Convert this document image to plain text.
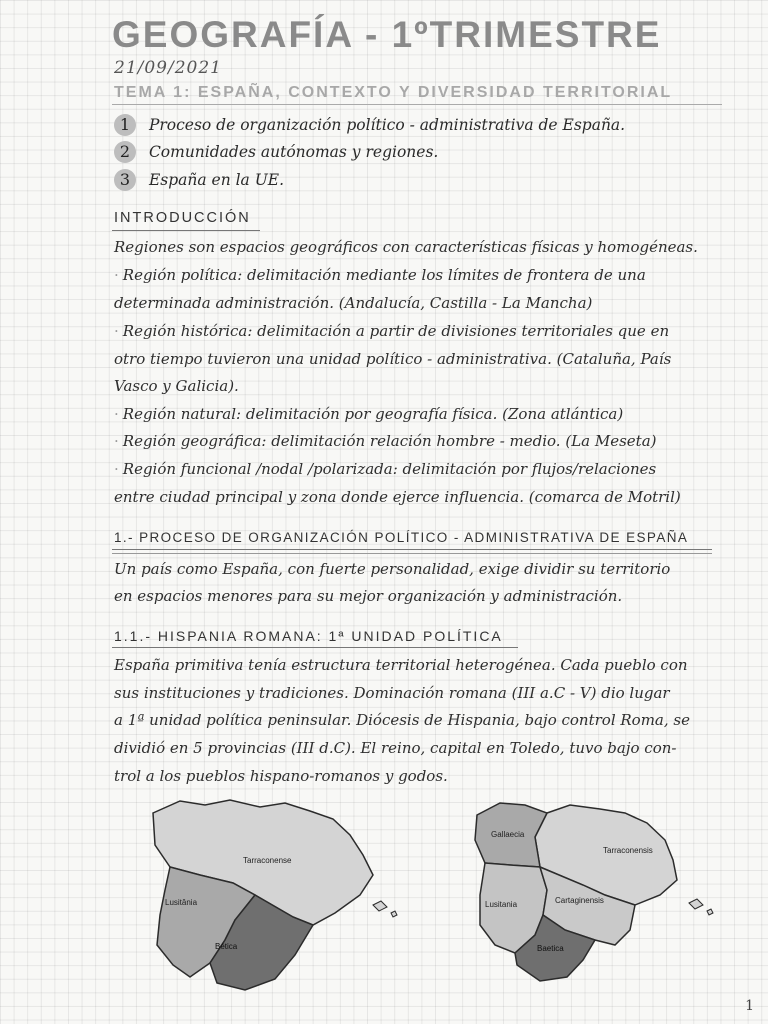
GEOGRAFÍA - 1ºTRIMESTRE
21/09/2021
TEMA 1: ESPAÑA, CONTEXTO Y DIVERSIDAD TERRITORIAL
1 Proceso de organización político - administrativa de España.
2 Comunidades autónomas y regiones.
3 España en la UE.
INTRODUCCIÓN
Regiones son espacios geográficos con características físicas y homogéneas.
· Región política: delimitación mediante los límites de frontera de una
determinada administración. (Andalucía, Castilla - La Mancha)
· Región histórica: delimitación a partir de divisiones territoriales que en
otro tiempo tuvieron una unidad político - administrativa. (Cataluña, País
Vasco y Galicia).
· Región natural: delimitación por geografía física. (Zona atlántica)
· Región geográfica: delimitación relación hombre - medio. (La Meseta)
· Región funcional /nodal /polarizada: delimitación por flujos/relaciones
entre ciudad principal y zona donde ejerce influencia. (comarca de Motril)
1.- PROCESO DE ORGANIZACIÓN POLÍTICO - ADMINISTRATIVA DE ESPAÑA
Un país como España, con fuerte personalidad, exige dividir su territorio
en espacios menores para su mejor organización y administración.
1.1.- HISPANIA ROMANA: 1ª UNIDAD POLÍTICA
España primitiva tenía estructura territorial heterogénea. Cada pueblo con
sus instituciones y tradiciones. Dominación romana (III a.C - V) dio lugar
a 1ª unidad política peninsular. Diócesis de Hispania, bajo control Roma, se
dividió en 5 provincias (III d.C). El reino, capital en Toledo, tuvo bajo con-
trol a los pueblos hispano-romanos y godos.
Tarraconense
Lusitânia
Bética
Gallaecia
Tarraconensis
Lusitania	Cartaginensis
Baetica
1
